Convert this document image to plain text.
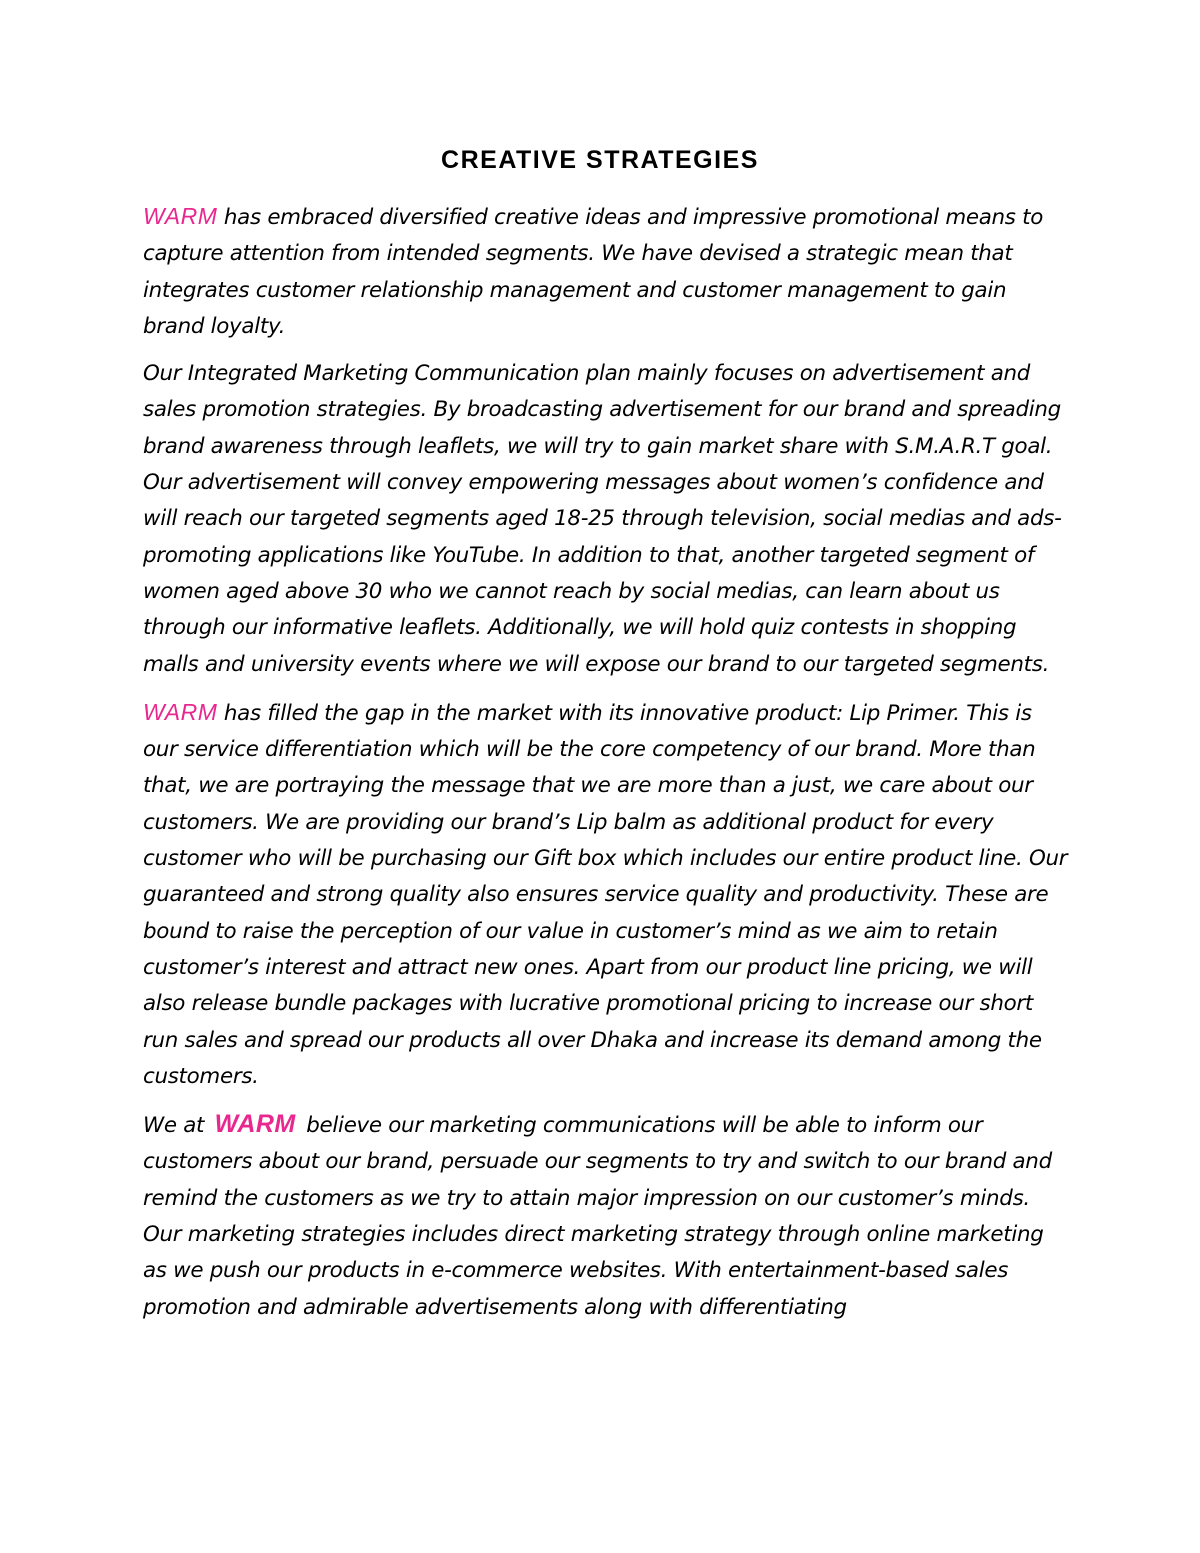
CREATIVE STRATEGIES

WARM has embraced diversified creative ideas and impressive promotional means to capture attention from intended segments. We have devised a strategic mean that integrates customer relationship management and customer management to gain brand loyalty.

Our Integrated Marketing Communication plan mainly focuses on advertisement and sales promotion strategies. By broadcasting advertisement for our brand and spreading brand awareness through leaflets, we will try to gain market share with S.M.A.R.T goal. Our advertisement will convey empowering messages about women’s confidence and will reach our targeted segments aged 18-25 through television, social medias and ads-promoting applications like YouTube. In addition to that, another targeted segment of women aged above 30 who we cannot reach by social medias, can learn about us through our informative leaflets. Additionally, we will hold quiz contests in shopping malls and university events where we will expose our brand to our targeted segments.

WARM has filled the gap in the market with its innovative product: Lip Primer. This is our service differentiation which will be the core competency of our brand. More than that, we are portraying the message that we are more than a just, we care about our customers. We are providing our brand’s Lip balm as additional product for every customer who will be purchasing our Gift box which includes our entire product line. Our guaranteed and strong quality also ensures service quality and productivity. These are bound to raise the perception of our value in customer’s mind as we aim to retain customer’s interest and attract new ones. Apart from our product line pricing, we will also release bundle packages with lucrative promotional pricing to increase our short run sales and spread our products all over Dhaka and increase its demand among the customers.

We at WARM believe our marketing communications will be able to inform our customers about our brand, persuade our segments to try and switch to our brand and remind the customers as we try to attain major impression on our customer’s minds. Our marketing strategies includes direct marketing strategy through online marketing as we push our products in e-commerce websites. With entertainment-based sales promotion and admirable advertisements along with differentiating
